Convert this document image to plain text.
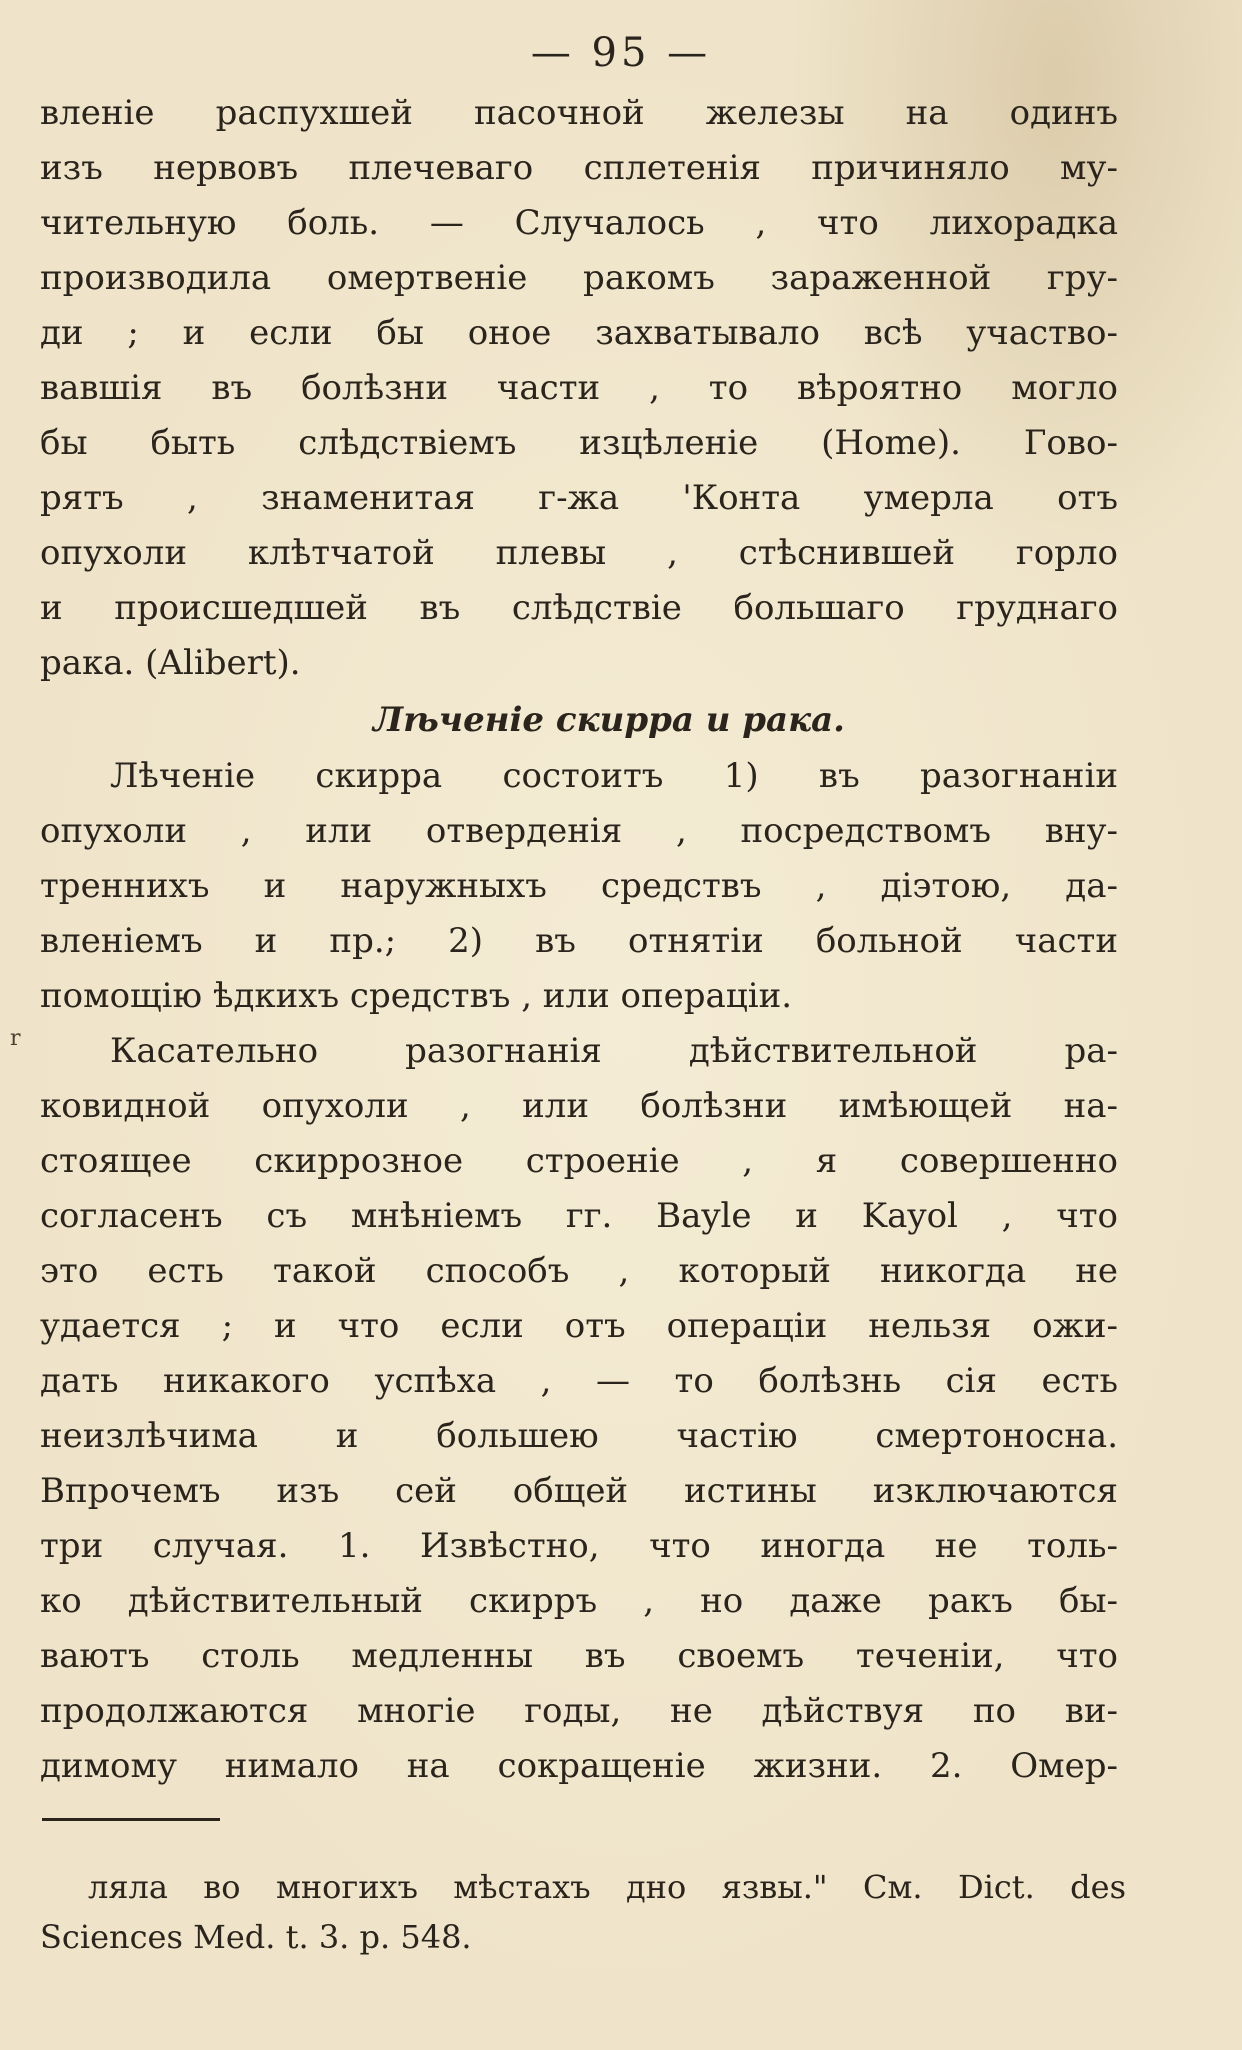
— 95 —
r
вленіе распухшей пасочной железы на одинъ
изъ нервовъ плечеваго сплетенія причиняло му-
чительную боль. — Случалось , что лихорадка
производила омертвеніе ракомъ зараженной гру-
ди ; и если бы оное захватывало всѣ участво-
вавшія въ болѣзни части , то вѣроятно могло
бы быть слѣдствіемъ изцѣленіе (Home). Гово-
рятъ , знаменитая г-жа 'Конта умерла отъ
опухоли клѣтчатой плевы , стѣснившей горло
и происшедшей въ слѣдствіе большаго груднаго
рака. (Alibert).
Лѣченіе скирра и рака.
Лѣченіе скирра состоитъ 1) въ разогнаніи
опухоли , или отверденія , посредствомъ вну-
треннихъ и наружныхъ средствъ , діэтою, да-
вленіемъ и пр.; 2) въ отнятіи больной части
помощію ѣдкихъ средствъ , или операціи.
Касательно разогнанія дѣйствительной ра-
ковидной опухоли , или болѣзни имѣющей на-
стоящее скиррозное строеніе , я совершенно
согласенъ съ мнѣніемъ гг. Bayle и Kayol , что
это есть такой способъ , который никогда не
удается ; и что если отъ операціи нельзя ожи-
дать никакого успѣха , — то болѣзнь сія есть
неизлѣчима и большею частію смертоносна.
Впрочемъ изъ сей общей истины изключаются
три случая. 1. Извѣстно, что иногда не толь-
ко дѣйствительный скирръ , но даже ракъ бы-
ваютъ столь медленны въ своемъ теченіи, что
продолжаются многіе годы, не дѣйствуя по ви-
димому нимало на сокращеніе жизни. 2. Омер-
ляла во многихъ мѣстахъ дно язвы." См. Dict. des
Sciences Med. t. 3. p. 548.
